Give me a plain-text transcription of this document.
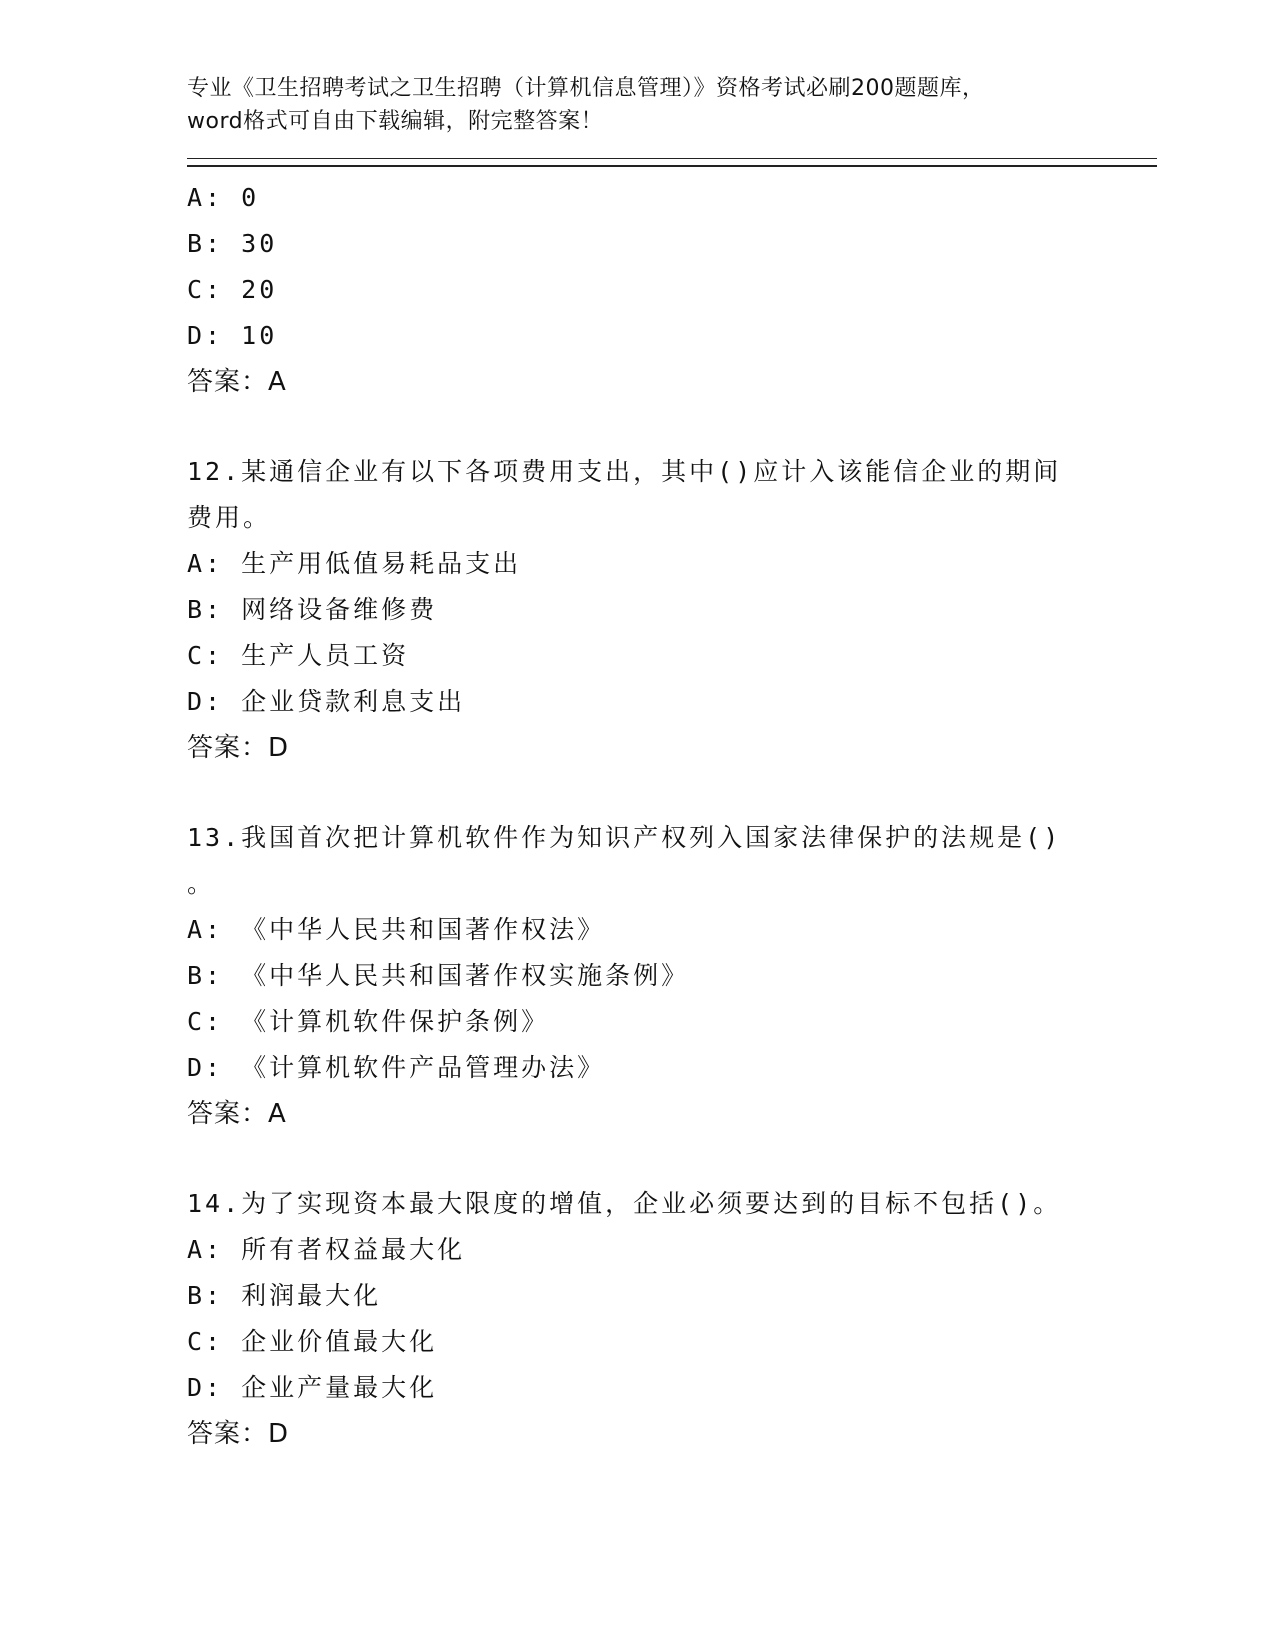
专业《卫生招聘考试之卫生招聘（计算机信息管理）》资格考试必刷200题题库，
word格式可自由下载编辑，附完整答案！
A: 0
B: 30
C: 20
D: 10
答案：A
12.某通信企业有以下各项费用支出，其中()应计入该能信企业的期间
费用。
A: 生产用低值易耗品支出
B: 网络设备维修费
C: 生产人员工资
D: 企业贷款利息支出
答案：D
13.我国首次把计算机软件作为知识产权列入国家法律保护的法规是()
。
A: 《中华人民共和国著作权法》
B: 《中华人民共和国著作权实施条例》
C: 《计算机软件保护条例》
D: 《计算机软件产品管理办法》
答案：A
14.为了实现资本最大限度的增值，企业必须要达到的目标不包括()。
A: 所有者权益最大化
B: 利润最大化
C: 企业价值最大化
D: 企业产量最大化
答案：D
